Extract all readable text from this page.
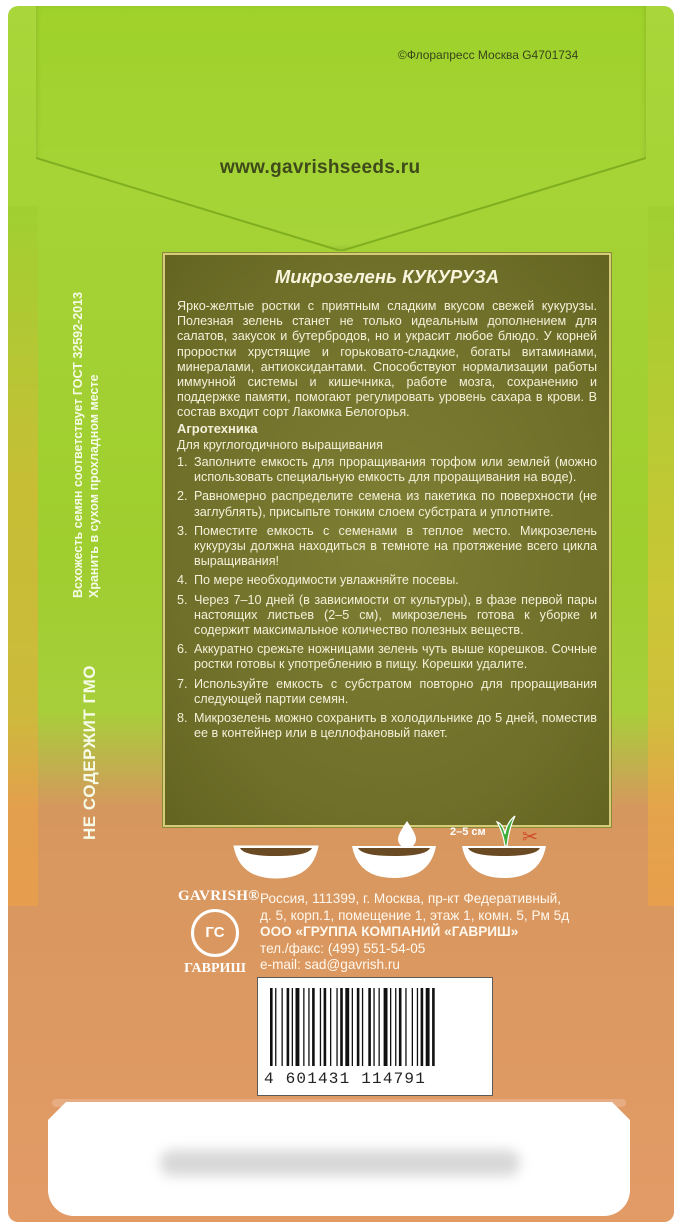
©Флорапресс Москва G4701734
www.gavrishseeds.ru
Всхожесть семян соответствует ГОСТ 32592-2013 Хранить в сухом прохладном месте
НЕ СОДЕРЖИТ ГМО
Микрозелень КУКУРУЗА
Ярко-желтые ростки с приятным сладким вкусом свежей кукурузы. Полезная зелень станет не только идеальным дополнением для салатов, закусок и бутербродов, но и украсит любое блюдо. У корней проростки хрустящие и горьковато-сладкие, богаты витаминами, минералами, антиоксидантами. Способствуют нормализации работы иммунной системы и кишечника, работе мозга, сохранению и поддержке памяти, помогают регулировать уровень сахара в крови. В состав входит сорт Лакомка Белогорья.
Агротехника
Для круглогодичного выращивания
1. Заполните емкость для проращивания торфом или землей (можно использовать специальную емкость для проращивания на воде).
2. Равномерно распределите семена из пакетика по поверхности (не заглублять), присыпьте тонким слоем субстрата и уплотните.
3. Поместите емкость с семенами в теплое место. Микрозелень кукурузы должна находиться в темноте на протяжение всего цикла выращивания!
4. По мере необходимости увлажняйте посевы.
5. Через 7–10 дней (в зависимости от культуры), в фазе первой пары настоящих листьев (2–5 см), микрозелень готова к уборке и содержит максимальное количество полезных веществ.
6. Аккуратно срежьте ножницами зелень чуть выше корешков. Сочные ростки готовы к употреблению в пищу. Корешки удалите.
7. Используйте емкость с субстратом повторно для проращивания следующей партии семян.
8. Микрозелень можно сохранить в холодильнике до 5 дней, поместив ее в контейнер или в целлофановый пакет.
2–5 см ✂
GAVRISH®
ГС
ГАВРИШ
Россия, 111399, г. Москва, пр-кт Федеративный,
д. 5, корп.1, помещение 1, этаж 1, комн. 5, Рм 5д
ООО «ГРУППА КОМПАНИЙ «ГАВРИШ»
тел./факс: (499) 551-54-05
e-mail: sad@gavrish.ru
4 601431 114791
